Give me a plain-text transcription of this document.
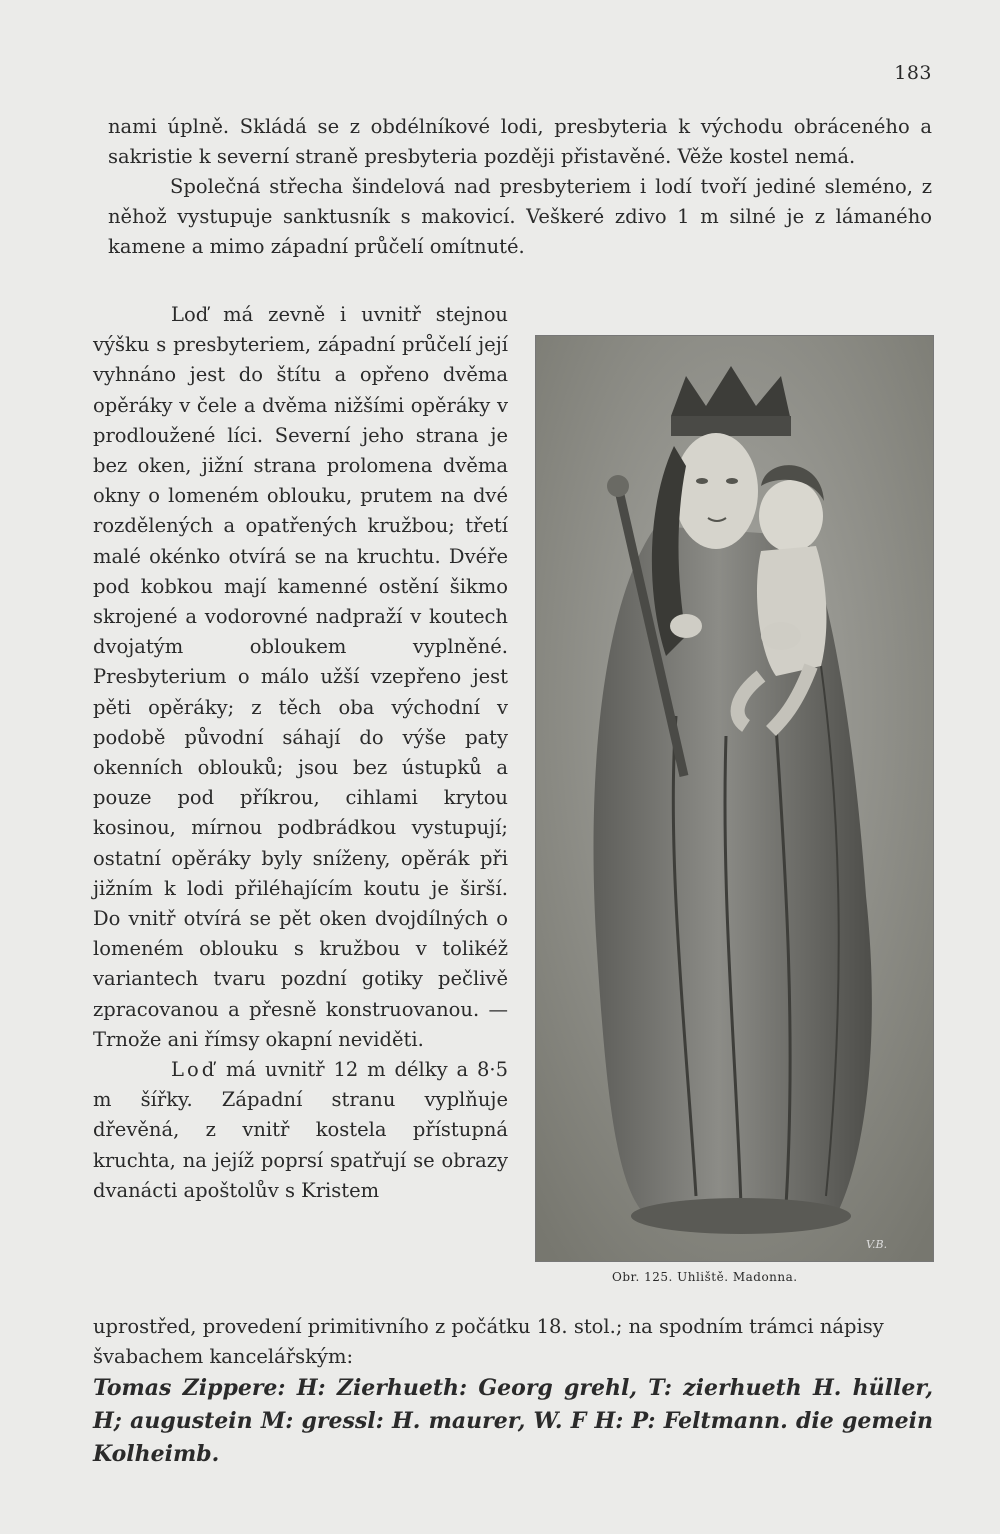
183

nami úplně. Skládá se z obdélníkové lodi, presbyteria k východu obráceného a sakristie k severní straně presbyteria později přistavěné. Věže kostel nemá.

Společná střecha šindelová nad presbyteriem i lodí tvoří jediné sleméno, z něhož vystupuje sanktusník s makovicí. Veškeré zdivo 1 m silné je z lámaného kamene a mimo západní průčelí omítnuté.

Loď má zevně i uvnitř stejnou výšku s presbyteriem, západní průčelí její vyhnáno jest do štítu a opřeno dvěma opěráky v čele a dvěma nižšími opěráky v prodloužené líci. Severní jeho strana je bez oken, jižní strana prolomena dvěma okny o lomeném oblouku, prutem na dvé rozdělených a opatřených kružbou; třetí malé okénko otvírá se na kruchtu. Dvéře pod kobkou mají kamenné ostění šikmo skrojené a vodorovné nadpraží v koutech dvojatým obloukem vyplněné. Presbyterium o málo užší vzepřeno jest pěti opěráky; z těch oba východní v podobě původní sáhají do výše paty okenních oblouků; jsou bez ústupků a pouze pod příkrou, cihlami krytou kosinou, mírnou podbrádkou vystupují; ostatní opěráky byly sníženy, opěrák při jižním k lodi přiléhajícím koutu je širší. Do vnitř otvírá se pět oken dvojdílných o lomeném oblouku s kružbou v tolikéž variantech tvaru pozdní gotiky pečlivě zpracovanou a přesně konstruovanou. — Trnože ani římsy okapní neviděti.

Loď má uvnitř 12 m délky a 8·5 m šířky. Západní stranu vyplňuje dřevěná, z vnitř kostela přístupná kruchta, na jejíž poprsí spatřují se obrazy dvanácti apoštolův s Kristem

V.B.
Obr. 125. Uhliště. Madonna.

uprostřed, provedení primitivního z počátku 18. stol.; na spodním trámci nápisy švabachem kancelářským:

Tomas Zippere: H: Zierhueth: Georg grehl, T: zierhueth H. hüller, H; augustein M: gressl: H. maurer, W. F H: P: Feltmann. die gemein Kolheimb.
